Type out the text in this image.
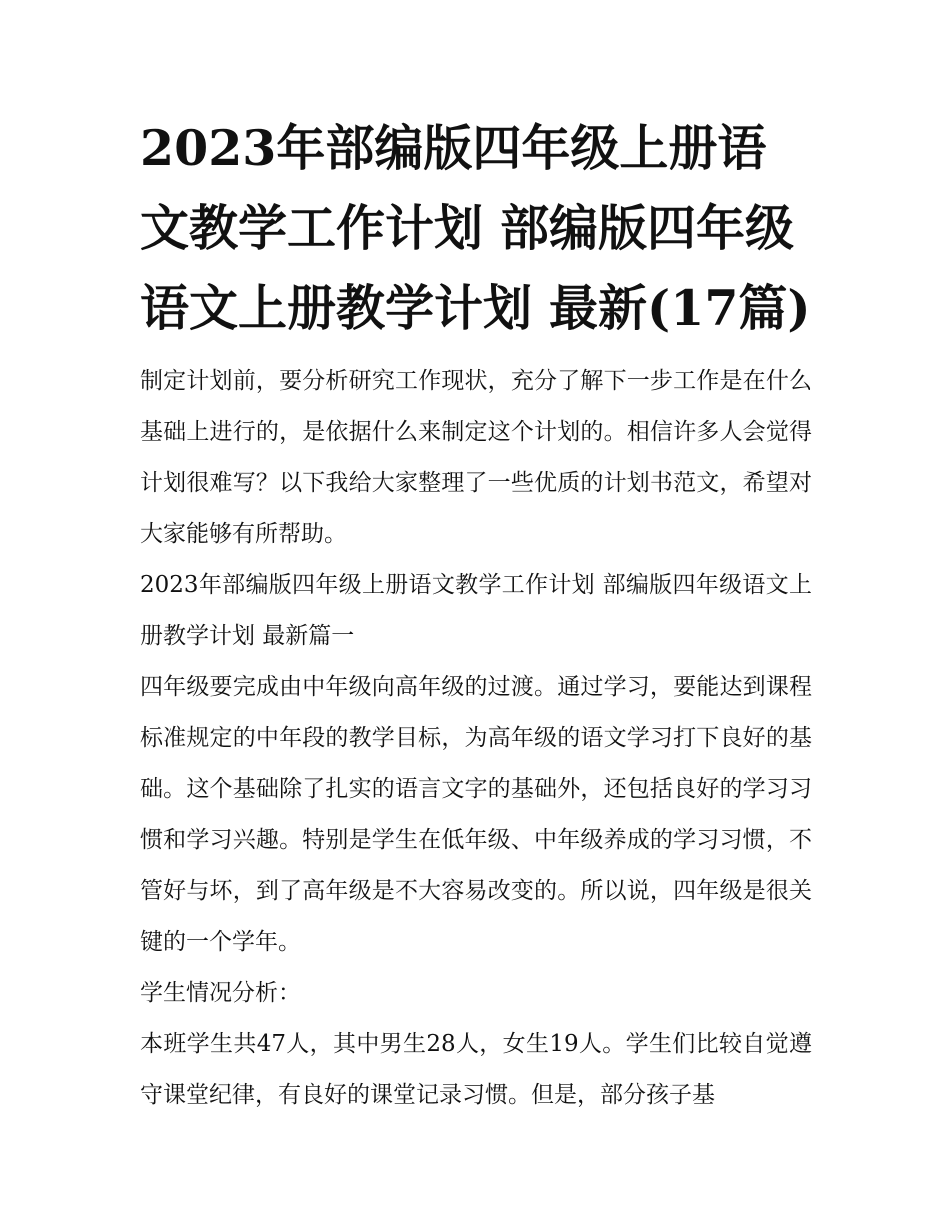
2023年部编版四年级上册语文教学工作计划 部编版四年级语文上册教学计划 最新(17篇)

制定计划前，要分析研究工作现状，充分了解下一步工作是在什么基础上进行的，是依据什么来制定这个计划的。相信许多人会觉得计划很难写？以下我给大家整理了一些优质的计划书范文，希望对大家能够有所帮助。

2023年部编版四年级上册语文教学工作计划 部编版四年级语文上册教学计划 最新篇一

四年级要完成由中年级向高年级的过渡。通过学习，要能达到课程标准规定的中年段的教学目标，为高年级的语文学习打下良好的基础。这个基础除了扎实的语言文字的基础外，还包括良好的学习习惯和学习兴趣。特别是学生在低年级、中年级养成的学习习惯，不管好与坏，到了高年级是不大容易改变的。所以说，四年级是很关键的一个学年。

学生情况分析：

本班学生共47人，其中男生28人，女生19人。学生们比较自觉遵守课堂纪律，有良好的课堂记录习惯。但是，部分孩子基
